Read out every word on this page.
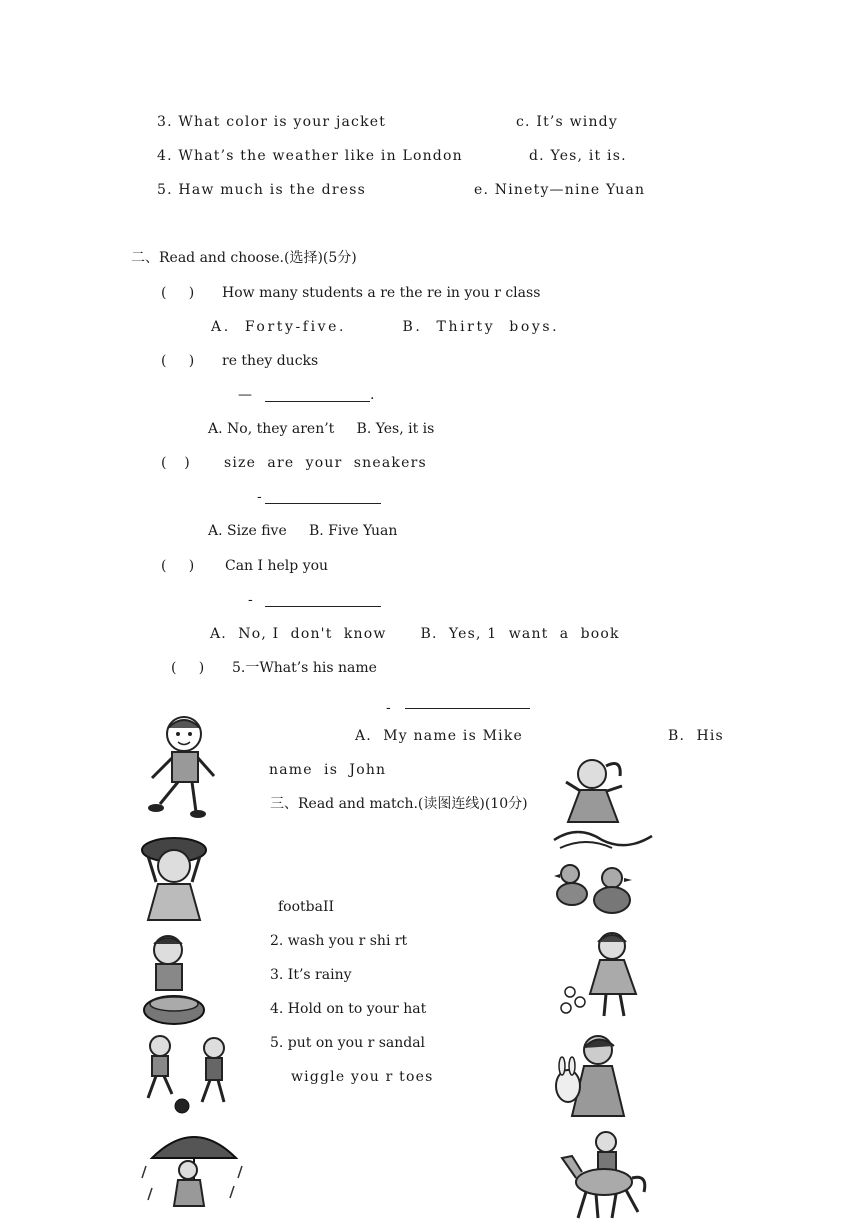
3. What color is your jacket	c. It’s windy
4. What’s the weather like in London	d. Yes, it is.
5. Haw much is the dress	e. Ninety—nine Yuan
二、Read and choose.(选择)(5分)
(     ) How many students a re the re in you r class
A.  Forty-five.        B.  Thirty  boys.
(     ) re they ducks
—	.
A. No, they aren’t     B. Yes, it is
(    ) size  are  your  sneakers
-
A. Size five     B. Five Yuan
(     ) Can I help you
-
A.  No, I  don't  know      B.  Yes, 1  want  a  book
(     ) 5.一What’s his name
-
A.  My name is Mike	B.  His
name  is  John
三、Read and match.(读图连线)(10分)
footbaII
2. wash you r shi rt
3. It’s rainy
4. Hold on to your hat
5. put on you r sandal
wiggle you r toes
